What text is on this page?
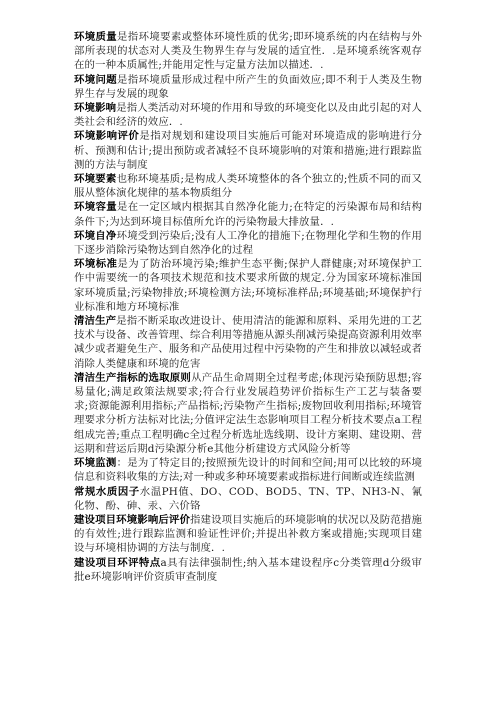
环境质量是指环境要素或整体环境性质的优劣;即环境系统的内在结构与外部所表现的状态对人类及生物界生存与发展的适宜性．.是环境系统客观存在的一种本质属性;并能用定性与定量方法加以描述．.

环境问题是指环境质量形成过程中所产生的负面效应;即不利于人类及生物界生存与发展的现象

环境影响是指人类活动对环境的作用和导致的环境变化以及由此引起的对人类社会和经济的效应．.

环境影响评价是指对规划和建设项目实施后可能对环境造成的影响进行分析、预测和估计;提出预防或者减轻不良环境影响的对策和措施;进行跟踪监测的方法与制度

环境要素也称环境基质;是构成人类环境整体的各个独立的;性质不同的而又服从整体演化规律的基本物质组分

环境容量是在一定区域内根据其自然净化能力;在特定的污染源布局和结构条件下;为达到环境目标值所允许的污染物最大排放量．.

环境自净环境受到污染后;没有人工净化的措施下;在物理化学和生物的作用下逐步消除污染物达到自然净化的过程

环境标准是为了防治环境污染;维护生态平衡;保护人群健康;对环境保护工作中需要统一的各项技术规范和技术要求所做的规定.分为国家环境标准国家环境质量;污染物排放;环境检测方法;环境标准样品;环境基础;环境保护行业标准和地方环境标准

清洁生产是指不断采取改进设计、使用清洁的能源和原料、采用先进的工艺技术与设备、改善管理、综合利用等措施从源头削减污染提高资源利用效率减少或者避免生产、服务和产品使用过程中污染物的产生和排放以减轻或者消除人类健康和环境的危害

清洁生产指标的选取原则从产品生命周期全过程考虑;体现污染预防思想;容易量化;满足政策法规要求;符合行业发展趋势评价指标生产工艺与装备要求;资源能源利用指标;产品指标;污染物产生指标;废物回收利用指标;环境管理要求分析方法标对比法;分值评定法生态影响项目工程分析技术要点a工程组成完善;重点工程明确c全过程分析选址选线期、设计方案期、建设期、营运期和营运后期d污染源分析e其他分析建设方式风险分析等

环境监测：是为了特定目的;按照预先设计的时间和空间;用可以比较的环境信息和资料收集的方法;对一种或多种环境要素或指标进行间断或连续监测

常规水质因子水温PH值、DO、COD、BOD5、TN、TP、NH3-N、氰化物、酚、砷、汞、六价铬

建设项目环境影响后评价指建设项目实施后的环境影响的状况以及防范措施的有效性;进行跟踪监测和验证性评价;并提出补救方案或措施;实现项目建设与环境相协调的方法与制度．.

建设项目环评特点a具有法律强制性;纳入基本建设程序c分类管理d分级审批e环境影响评价资质审查制度
